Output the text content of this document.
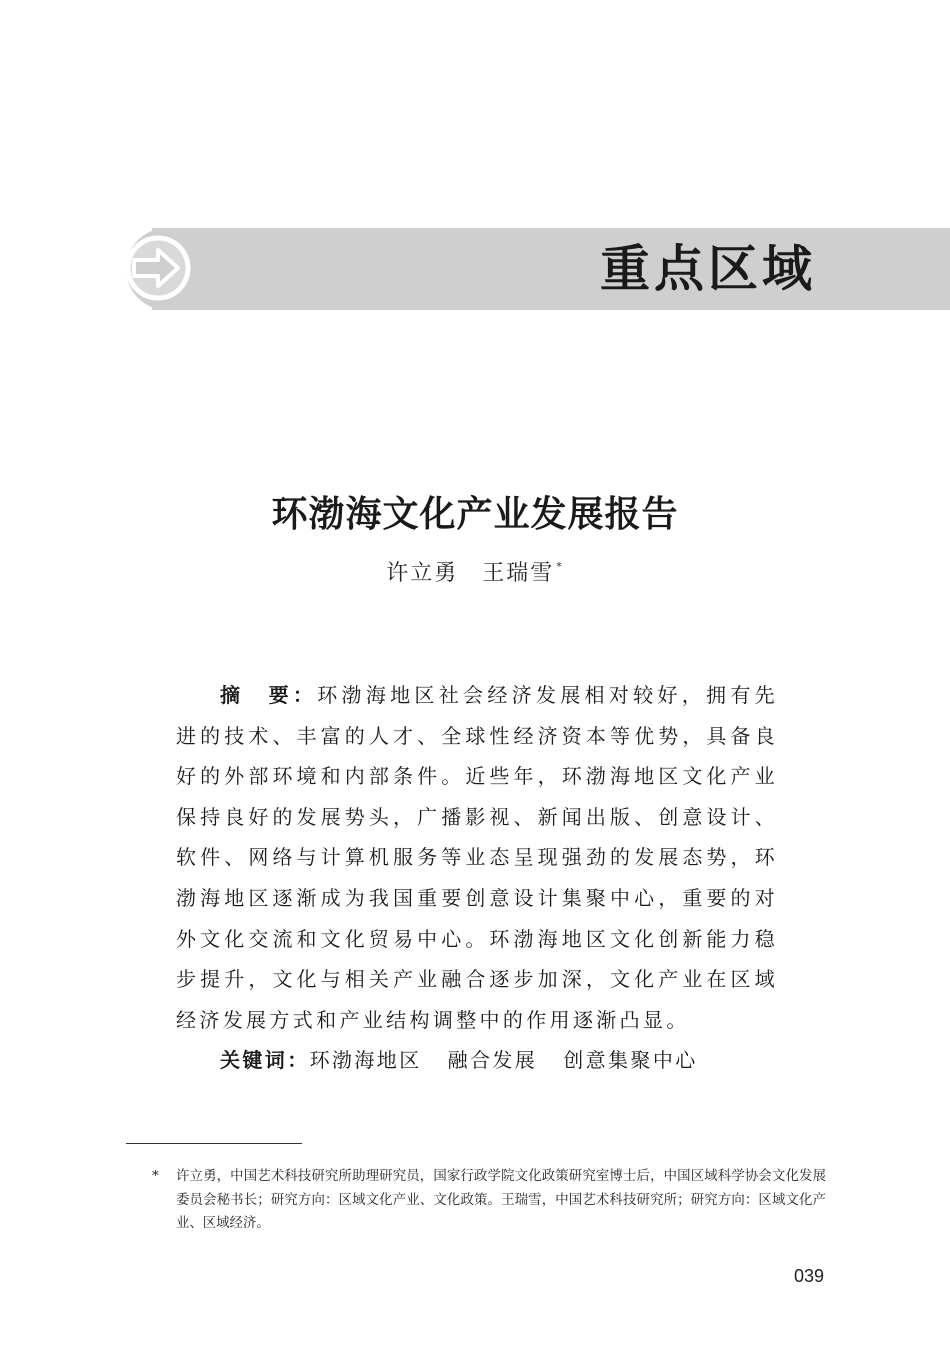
重点区域
环渤海文化产业发展报告
许立勇　王瑞雪 *
摘　要：环渤海地区社会经济发展相对较好，拥有先进的技术、丰富的人才、全球性经济资本等优势，具备良好的外部环境和内部条件。近些年，环渤海地区文化产业保持良好的发展势头，广播影视、新闻出版、创意设计、软件、网络与计算机服务等业态呈现强劲的发展态势，环渤海地区逐渐成为我国重要创意设计集聚中心，重要的对外文化交流和文化贸易中心。环渤海地区文化创新能力稳步提升，文化与相关产业融合逐步加深，文化产业在区域经济发展方式和产业结构调整中的作用逐渐凸显。
关键词：环渤海地区 融合发展 创意集聚中心
*	许立勇，中国艺术科技研究所助理研究员，国家行政学院文化政策研究室博士后，中国区域科学协会文化发展委员会秘书长；研究方向：区域文化产业、文化政策。王瑞雪，中国艺术科技研究所；研究方向：区域文化产业、区域经济。
039
